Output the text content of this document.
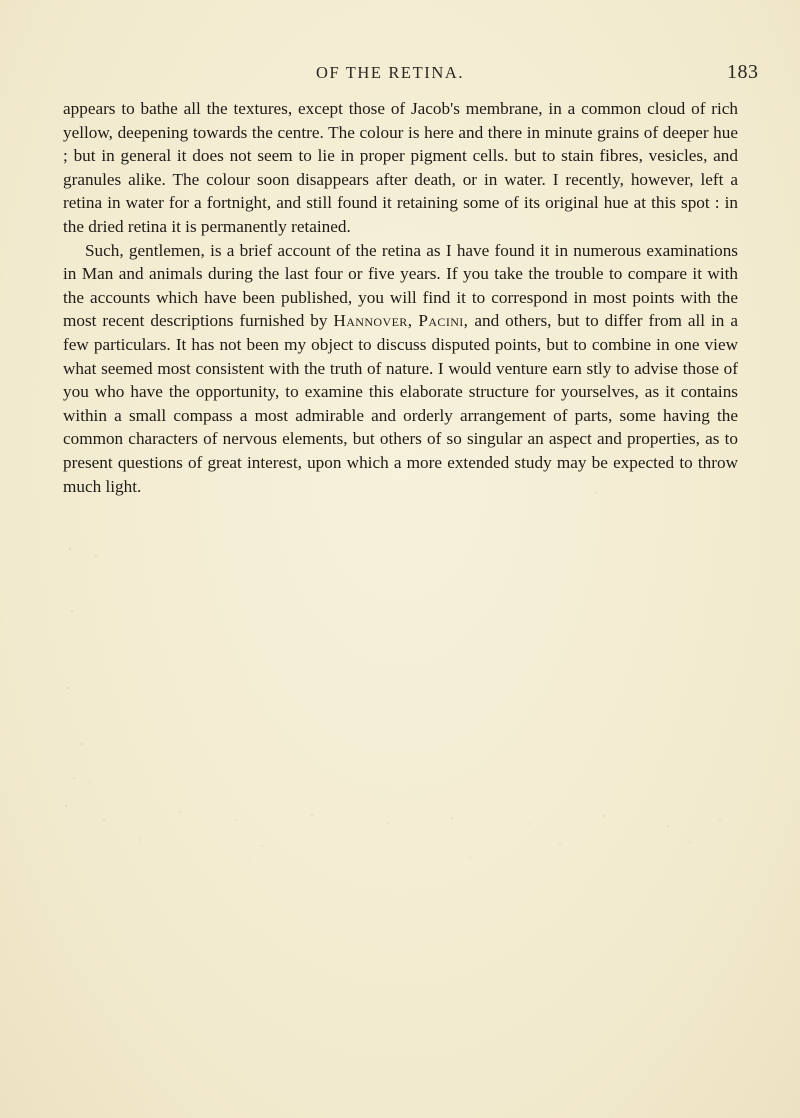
OF THE RETINA.	183

appears to bathe all the textures, except those of Jacob's membrane, in a common cloud of rich yellow, deepening towards the centre. The colour is here and there in minute grains of deeper hue ; but in general it does not seem to lie in proper pigment cells. but to stain fibres, vesicles, and granules alike. The colour soon disappears after death, or in water. I recently, however, left a retina in water for a fortnight, and still found it retaining some of its original hue at this spot : in the dried retina it is permanently retained.

Such, gentlemen, is a brief account of the retina as I have found it in numerous examinations in Man and animals during the last four or five years. If you take the trouble to compare it with the accounts which have been published, you will find it to correspond in most points with the most recent descriptions furnished by Hannover, Pacini, and others, but to differ from all in a few particulars. It has not been my object to discuss disputed points, but to combine in one view what seemed most consistent with the truth of nature. I would venture earn stly to advise those of you who have the opportunity, to examine this elaborate structure for yourselves, as it contains within a small compass a most admirable and orderly arrangement of parts, some having the common characters of nervous elements, but others of so singular an aspect and properties, as to present questions of great interest, upon which a more extended study may be expected to throw much light.
